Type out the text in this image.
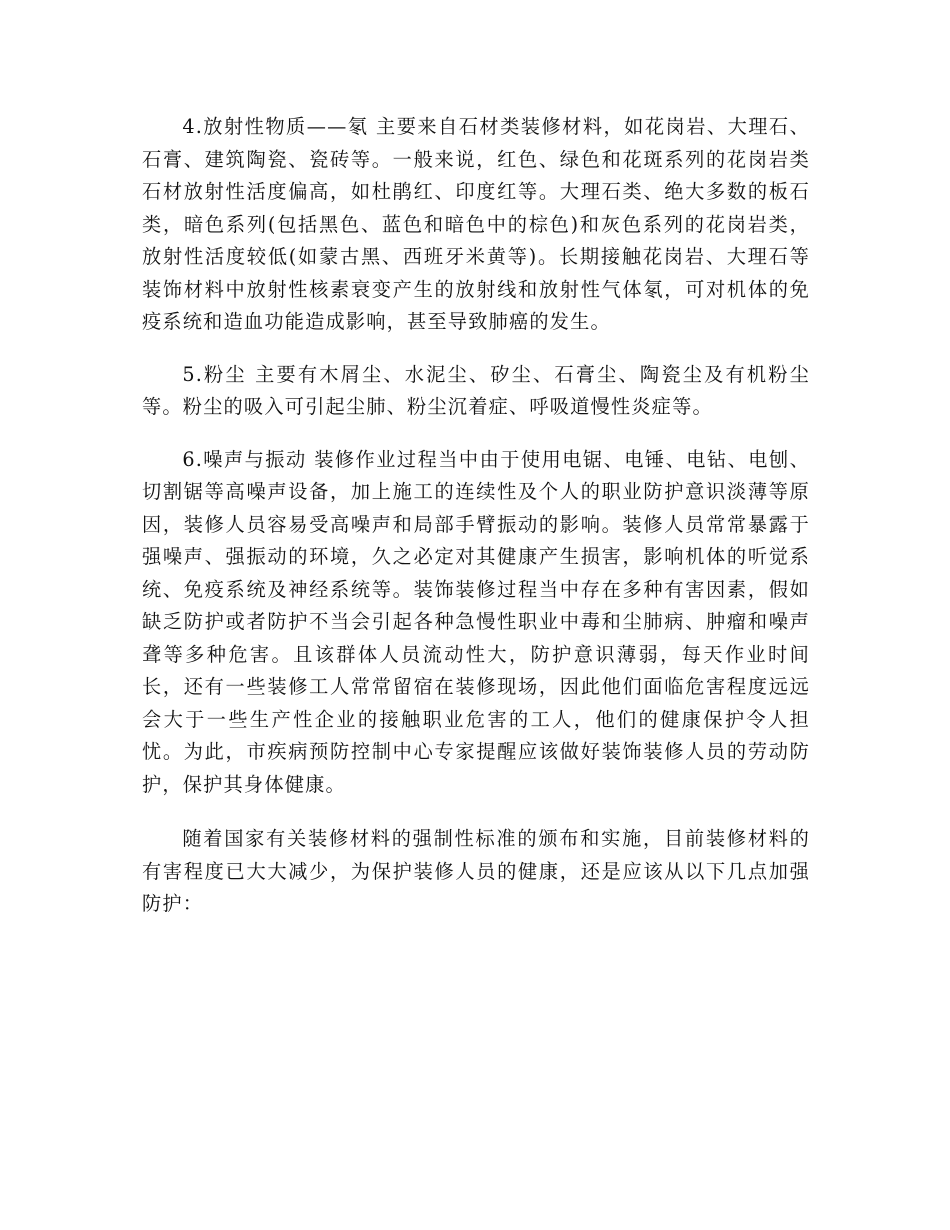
4.放射性物质——氡 主要来自石材类装修材料，如花岗岩、大理石、石膏、建筑陶瓷、瓷砖等。一般来说，红色、绿色和花斑系列的花岗岩类石材放射性活度偏高，如杜鹃红、印度红等。大理石类、绝大多数的板石类，暗色系列(包括黑色、蓝色和暗色中的棕色)和灰色系列的花岗岩类，放射性活度较低(如蒙古黑、西班牙米黄等)。长期接触花岗岩、大理石等装饰材料中放射性核素衰变产生的放射线和放射性气体氡，可对机体的免疫系统和造血功能造成影响，甚至导致肺癌的发生。

5.粉尘 主要有木屑尘、水泥尘、矽尘、石膏尘、陶瓷尘及有机粉尘等。粉尘的吸入可引起尘肺、粉尘沉着症、呼吸道慢性炎症等。

6.噪声与振动 装修作业过程当中由于使用电锯、电锤、电钻、电刨、切割锯等高噪声设备，加上施工的连续性及个人的职业防护意识淡薄等原因，装修人员容易受高噪声和局部手臂振动的影响。装修人员常常暴露于强噪声、强振动的环境，久之必定对其健康产生损害，影响机体的听觉系统、免疫系统及神经系统等。装饰装修过程当中存在多种有害因素，假如缺乏防护或者防护不当会引起各种急慢性职业中毒和尘肺病、肿瘤和噪声聋等多种危害。且该群体人员流动性大，防护意识薄弱，每天作业时间长，还有一些装修工人常常留宿在装修现场，因此他们面临危害程度远远会大于一些生产性企业的接触职业危害的工人，他们的健康保护令人担忧。为此，市疾病预防控制中心专家提醒应该做好装饰装修人员的劳动防护，保护其身体健康。

随着国家有关装修材料的强制性标准的颁布和实施，目前装修材料的有害程度已大大减少，为保护装修人员的健康，还是应该从以下几点加强防护：
